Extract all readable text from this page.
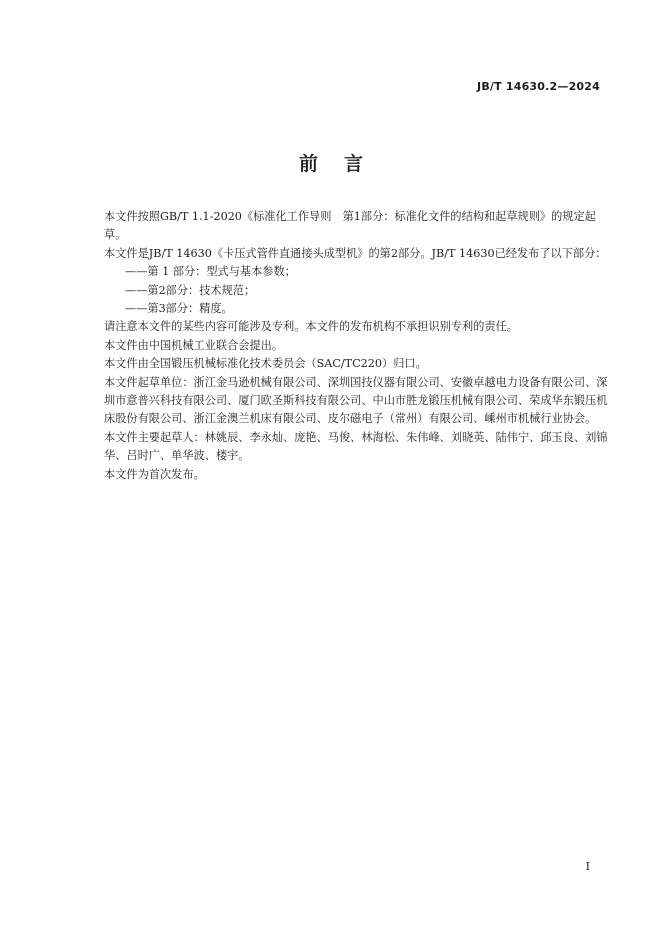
JB/T 14630.2—2024
前言

本文件按照GB/T 1.1-2020《标准化工作导则　第1部分：标准化文件的结构和起草规则》的规定起草。

本文件是JB/T 14630《卡压式管件直通接头成型机》的第2部分。JB/T 14630已经发布了以下部分：

——第 1 部分：型式与基本参数；

——第2部分：技术规范；

——第3部分：精度。

请注意本文件的某些内容可能涉及专利。本文件的发布机构不承担识别专利的责任。

本文件由中国机械工业联合会提出。

本文件由全国锻压机械标准化技术委员会（SAC/TC220）归口。

本文件起草单位：浙江金马逊机械有限公司、深圳国技仪器有限公司、安徽卓越电力设备有限公司、深圳市意普兴科技有限公司、厦门欧圣斯科技有限公司、中山市胜龙锻压机械有限公司、荣成华东锻压机床股份有限公司、浙江金澳兰机床有限公司、皮尔磁电子（常州）有限公司、嵊州市机械行业协会。

本文件主要起草人：林姚辰、李永灿、庞艳、马俊、林海松、朱伟峰、刘晓英、陆伟宁、邱玉良、刘锦华、吕时广、单华波、楼宇。

本文件为首次发布。

I
